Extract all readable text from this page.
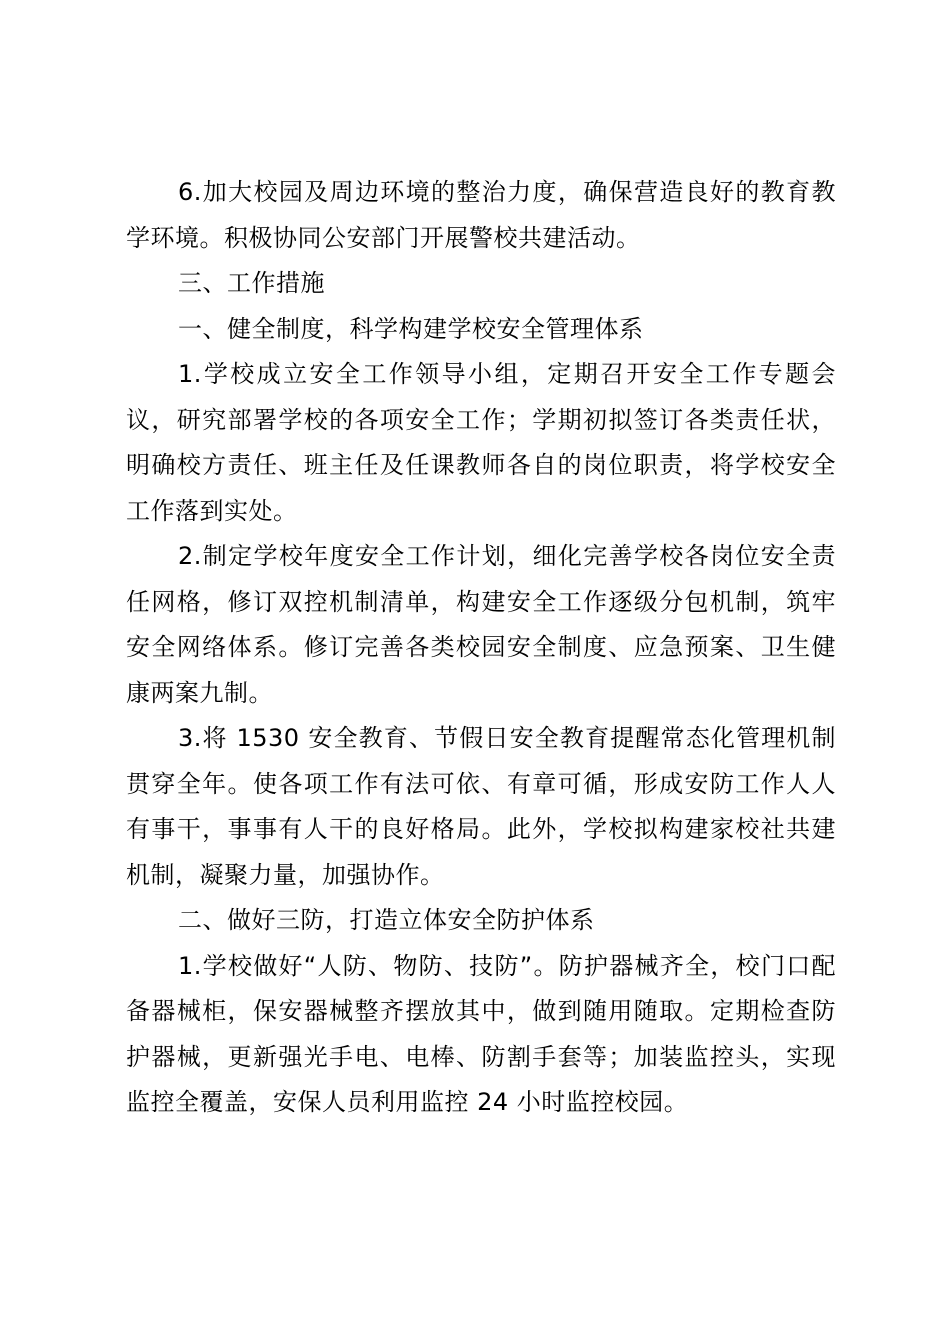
6.加大校园及周边环境的整治力度，确保营造良好的教育教学环境。积极协同公安部门开展警校共建活动。

三、工作措施

一、健全制度，科学构建学校安全管理体系

1.学校成立安全工作领导小组，定期召开安全工作专题会议，研究部署学校的各项安全工作；学期初拟签订各类责任状，明确校方责任、班主任及任课教师各自的岗位职责，将学校安全工作落到实处。

2.制定学校年度安全工作计划，细化完善学校各岗位安全责任网格，修订双控机制清单，构建安全工作逐级分包机制，筑牢安全网络体系。修订完善各类校园安全制度、应急预案、卫生健康两案九制。

3.将 1530 安全教育、节假日安全教育提醒常态化管理机制贯穿全年。使各项工作有法可依、有章可循，形成安防工作人人有事干，事事有人干的良好格局。此外，学校拟构建家校社共建机制，凝聚力量，加强协作。

二、做好三防，打造立体安全防护体系

1.学校做好“人防、物防、技防”。防护器械齐全，校门口配备器械柜，保安器械整齐摆放其中，做到随用随取。定期检查防护器械，更新强光手电、电棒、防割手套等；加装监控头，实现监控全覆盖，安保人员利用监控 24 小时监控校园。
